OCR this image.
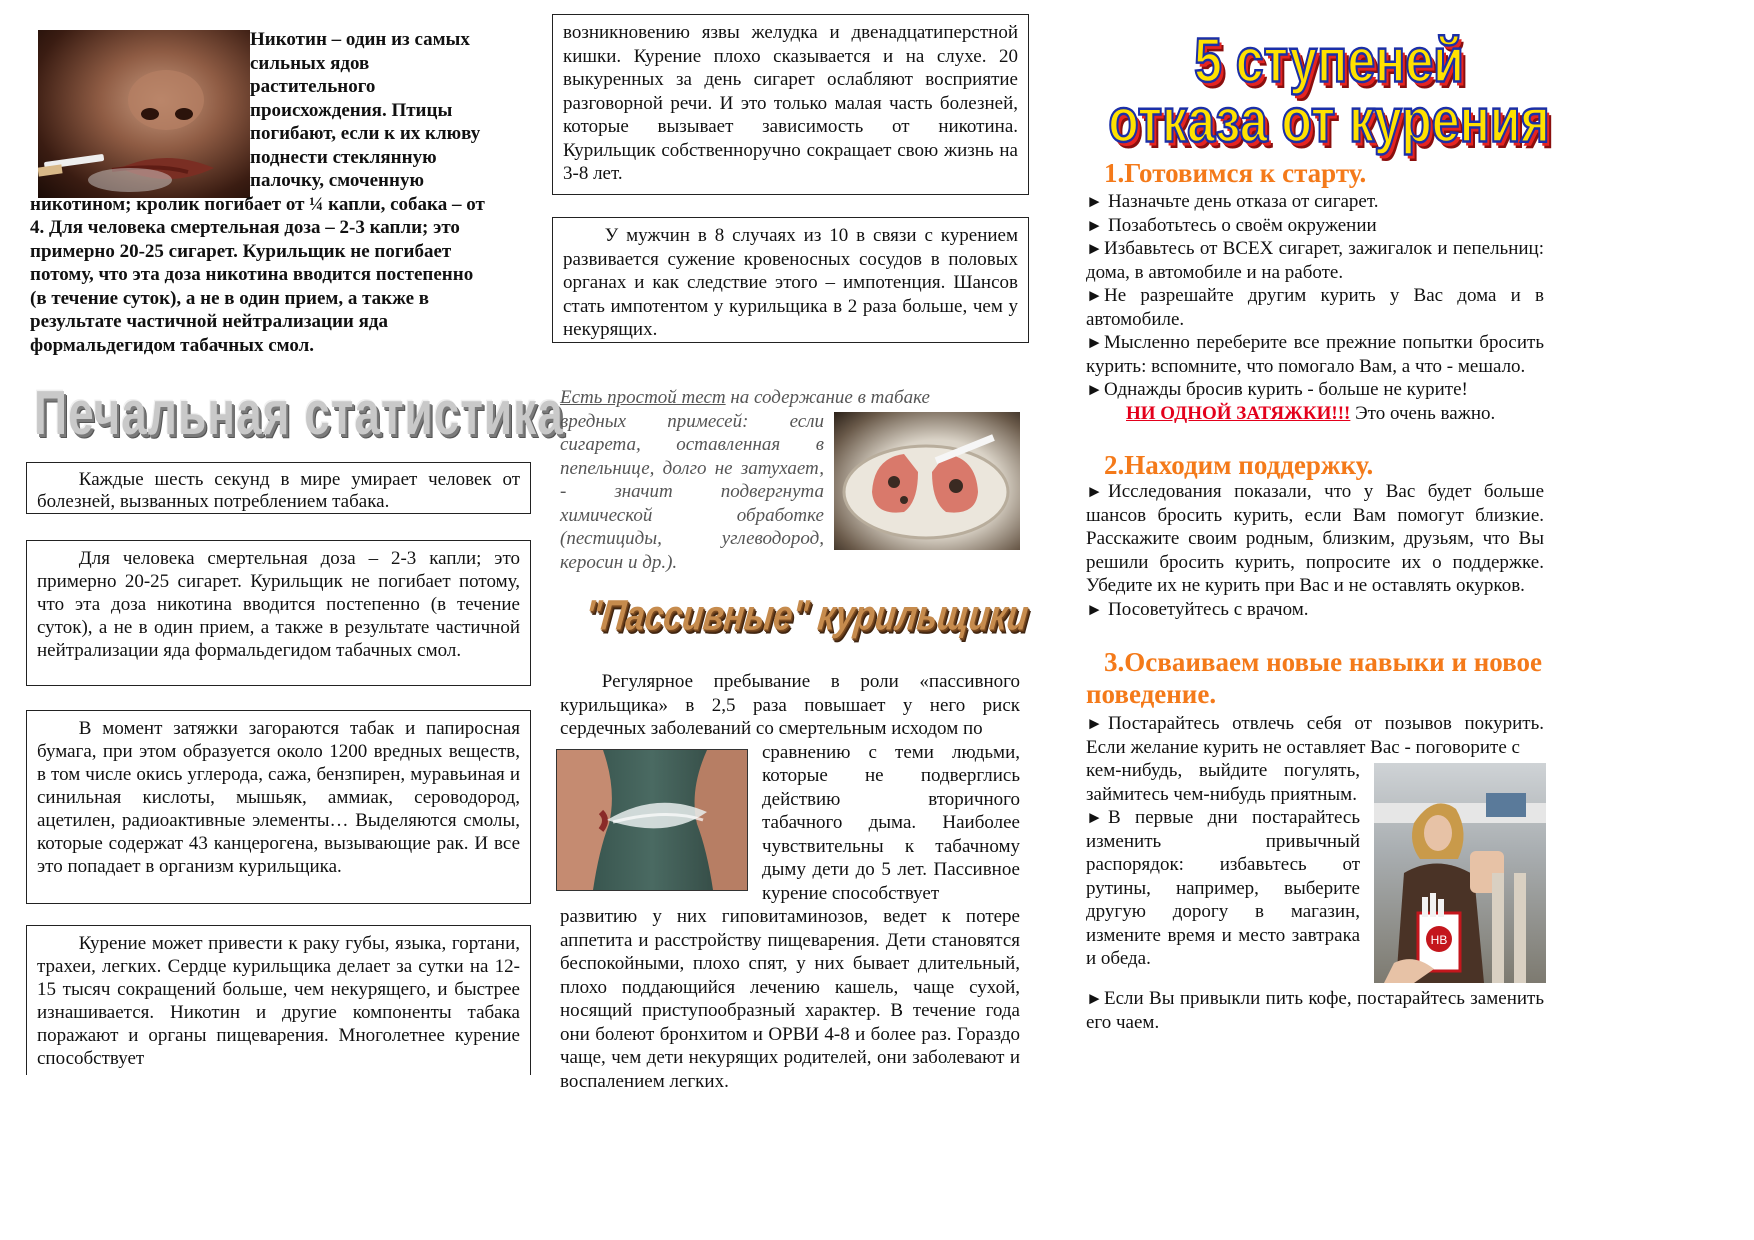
Никотин – один из самых сильных ядов растительного происхождения. Птицы погибают, если к их клюву поднести стеклянную палочку, смоченную никотином; кролик погибает от ¼ капли, собака – от 4. Для человека смертельная доза – 2-3 капли; это примерно 20-25 сигарет. Курильщик не погибает потому, что эта доза никотина вводится постепенно (в течение суток), а не в один прием, а также в результате частичной нейтрализации яда формальдегидом табачных смол.

Печальная статистика

Каждые шесть секунд в мире умирает человек от болезней, вызванных потреблением табака.

Для человека смертельная доза – 2-3 капли; это примерно 20-25 сигарет. Курильщик не погибает потому, что эта доза никотина вводится постепенно (в течение суток), а не в один прием, а также в результате частичной нейтрализации яда формальдегидом табачных смол.

В момент затяжки загораются табак и папиросная бумага, при этом образуется около 1200 вредных веществ, в том числе окись углерода, сажа, бензпирен, муравьиная и синильная кислоты, мышьяк, аммиак, сероводород, ацетилен, радиоактивные элементы… Выделяются смолы, которые содержат 43 канцерогена, вызывающие рак. И все это попадает в организм курильщика.

Курение может привести к раку губы, языка, гортани, трахеи, легких. Сердце курильщика делает за сутки на 12-15 тысяч сокращений больше, чем некурящего, и быстрее изнашивается. Никотин и другие компоненты табака поражают и органы пищеварения. Многолетнее курение способствует

возникновению язвы желудка и двенадцатиперстной кишки. Курение плохо сказывается и на слухе. 20 выкуренных за день сигарет ослабляют восприятие разговорной речи. И это только малая часть болезней, которые вызывает зависимость от никотина. Курильщик собственноручно сокращает свою жизнь на 3-8 лет.

У мужчин в 8 случаях из 10 в связи с курением развивается сужение кровеносных сосудов в половых органах и как следствие этого – импотенция. Шансов стать импотентом у курильщика в 2 раза больше, чем у некурящих.

Есть простой тест на содержание в табаке

вредных примесей: если сигарета, оставленная в пепельнице, долго не затухает, - значит подвергнута химической обработке (пестициды, углеводород, керосин и др.).

"Пассивные" курильщики

Регулярное пребывание в роли «пассивного курильщика» в 2,5 раза повышает у него риск сердечных заболеваний со смертельным исходом по

сравнению с теми людьми, которые не подверглись действию вторичного табачного дыма. Наиболее чувствительны к табачному дыму дети до 5 лет. Пассивное курение способствует

развитию у них гиповитаминозов, ведет к потере аппетита и расстройству пищеварения. Дети становятся беспокойными, плохо спят, у них бывает длительный, плохо поддающийся лечению кашель, чаще сухой, носящий приступообразный характер. В течение года они болеют бронхитом и ОРВИ 4-8 и более раз. Гораздо чаще, чем дети некурящих родителей, они заболевают и воспалением легких.

5 ступеней
отказа от курения
1.Готовимся к старту.

► Назначьте день отказа от сигарет.

► Позаботьтесь о своём окружении

►Избавьтесь от ВСЕХ сигарет, зажигалок и пепельниц: дома, в автомобиле и на работе.

►Не разрешайте другим курить у Вас дома и в автомобиле.

►Мысленно переберите все прежние попытки бросить курить: вспомните, что помогало Вам, а что - мешало.

►Однажды бросив курить - больше не курите!

НИ ОДНОЙ ЗАТЯЖКИ!!! Это очень важно.

2.Находим поддержку.

► Исследования показали, что у Вас будет больше шансов бросить курить, если Вам помогут близкие. Расскажите своим родным, близким, друзьям, что Вы решили бросить курить, попросите их о поддержке. Убедите их не курить при Вас и не оставлять окурков.

► Посоветуйтесь с врачом.

3.Осваиваем новые навыки и новое поведение.

► Постарайтесь отвлечь себя от позывов покурить. Если желание курить не оставляет Вас - поговорите с

НВ

кем-нибудь, выйдите погулять, займитесь чем-нибудь приятным.

► В первые дни постарайтесь изменить привычный распорядок: избавьтесь от рутины, например, выберите другую дорогу в магазин, измените время и место завтрака и обеда.

►Если Вы привыкли пить кофе, постарайтесь заменить его чаем.
